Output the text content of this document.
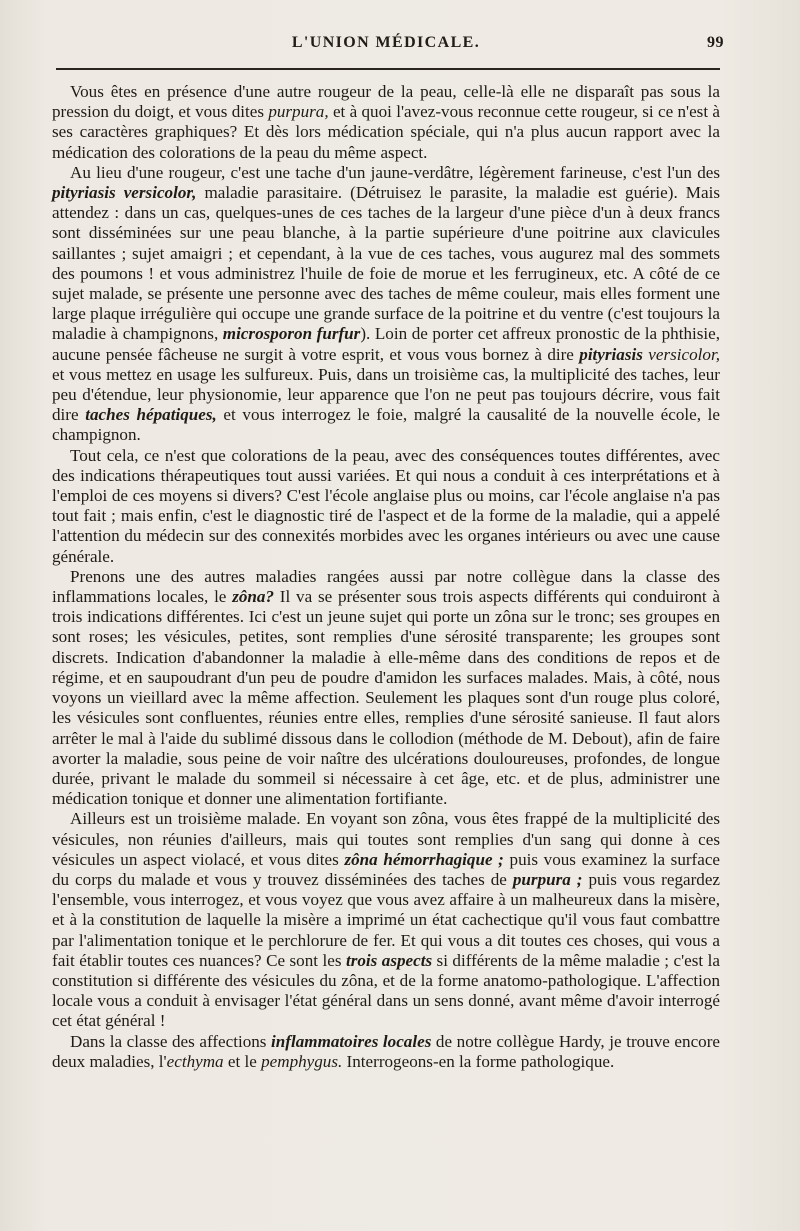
L'UNION MÉDICALE.	99

Vous êtes en présence d'une autre rougeur de la peau, celle-là elle ne disparaît pas sous la pression du doigt, et vous dites purpura, et à quoi l'avez-vous reconnue cette rougeur, si ce n'est à ses caractères graphiques? Et dès lors médication spéciale, qui n'a plus aucun rapport avec la médication des colorations de la peau du même aspect.

Au lieu d'une rougeur, c'est une tache d'un jaune-verdâtre, légèrement farineuse, c'est l'un des pityriasis versicolor, maladie parasitaire. (Détruisez le parasite, la maladie est guérie). Mais attendez : dans un cas, quelques-unes de ces taches de la largeur d'une pièce d'un à deux francs sont disséminées sur une peau blanche, à la partie supérieure d'une poitrine aux clavicules saillantes ; sujet amaigri ; et cependant, à la vue de ces taches, vous augurez mal des sommets des poumons ! et vous administrez l'huile de foie de morue et les ferrugineux, etc. A côté de ce sujet malade, se présente une personne avec des taches de même couleur, mais elles forment une large plaque irrégulière qui occupe une grande surface de la poitrine et du ventre (c'est toujours la maladie à champignons, microsporon furfur). Loin de porter cet affreux pronostic de la phthisie, aucune pensée fâcheuse ne surgit à votre esprit, et vous vous bornez à dire pityriasis versicolor, et vous mettez en usage les sulfureux. Puis, dans un troisième cas, la multiplicité des taches, leur peu d'étendue, leur physionomie, leur apparence que l'on ne peut pas toujours décrire, vous fait dire taches hépatiques, et vous interrogez le foie, malgré la causalité de la nouvelle école, le champignon.

Tout cela, ce n'est que colorations de la peau, avec des conséquences toutes différentes, avec des indications thérapeutiques tout aussi variées. Et qui nous a conduit à ces interprétations et à l'emploi de ces moyens si divers? C'est l'école anglaise plus ou moins, car l'école anglaise n'a pas tout fait ; mais enfin, c'est le diagnostic tiré de l'aspect et de la forme de la maladie, qui a appelé l'attention du médecin sur des connexités morbides avec les organes intérieurs ou avec une cause générale.

Prenons une des autres maladies rangées aussi par notre collègue dans la classe des inflammations locales, le zôna? Il va se présenter sous trois aspects différents qui conduiront à trois indications différentes. Ici c'est un jeune sujet qui porte un zôna sur le tronc; ses groupes en sont roses; les vésicules, petites, sont remplies d'une sérosité transparente; les groupes sont discrets. Indication d'abandonner la maladie à elle-même dans des conditions de repos et de régime, et en saupoudrant d'un peu de poudre d'amidon les surfaces malades. Mais, à côté, nous voyons un vieillard avec la même affection. Seulement les plaques sont d'un rouge plus coloré, les vésicules sont confluentes, réunies entre elles, remplies d'une sérosité sanieuse. Il faut alors arrêter le mal à l'aide du sublimé dissous dans le collodion (méthode de M. Debout), afin de faire avorter la maladie, sous peine de voir naître des ulcérations douloureuses, profondes, de longue durée, privant le malade du sommeil si nécessaire à cet âge, etc. et de plus, administrer une médication tonique et donner une alimentation fortifiante.

Ailleurs est un troisième malade. En voyant son zôna, vous êtes frappé de la multiplicité des vésicules, non réunies d'ailleurs, mais qui toutes sont remplies d'un sang qui donne à ces vésicules un aspect violacé, et vous dites zôna hémorrhagique ; puis vous examinez la surface du corps du malade et vous y trouvez disséminées des taches de purpura ; puis vous regardez l'ensemble, vous interrogez, et vous voyez que vous avez affaire à un malheureux dans la misère, et à la constitution de laquelle la misère a imprimé un état cachectique qu'il vous faut combattre par l'alimentation tonique et le perchlorure de fer. Et qui vous a dit toutes ces choses, qui vous a fait établir toutes ces nuances? Ce sont les trois aspects si différents de la même maladie ; c'est la constitution si différente des vésicules du zôna, et de la forme anatomo-pathologique. L'affection locale vous a conduit à envisager l'état général dans un sens donné, avant même d'avoir interrogé cet état général !

Dans la classe des affections inflammatoires locales de notre collègue Hardy, je trouve encore deux maladies, l'ecthyma et le pemphygus. Interrogeons-en la forme pathologique.
